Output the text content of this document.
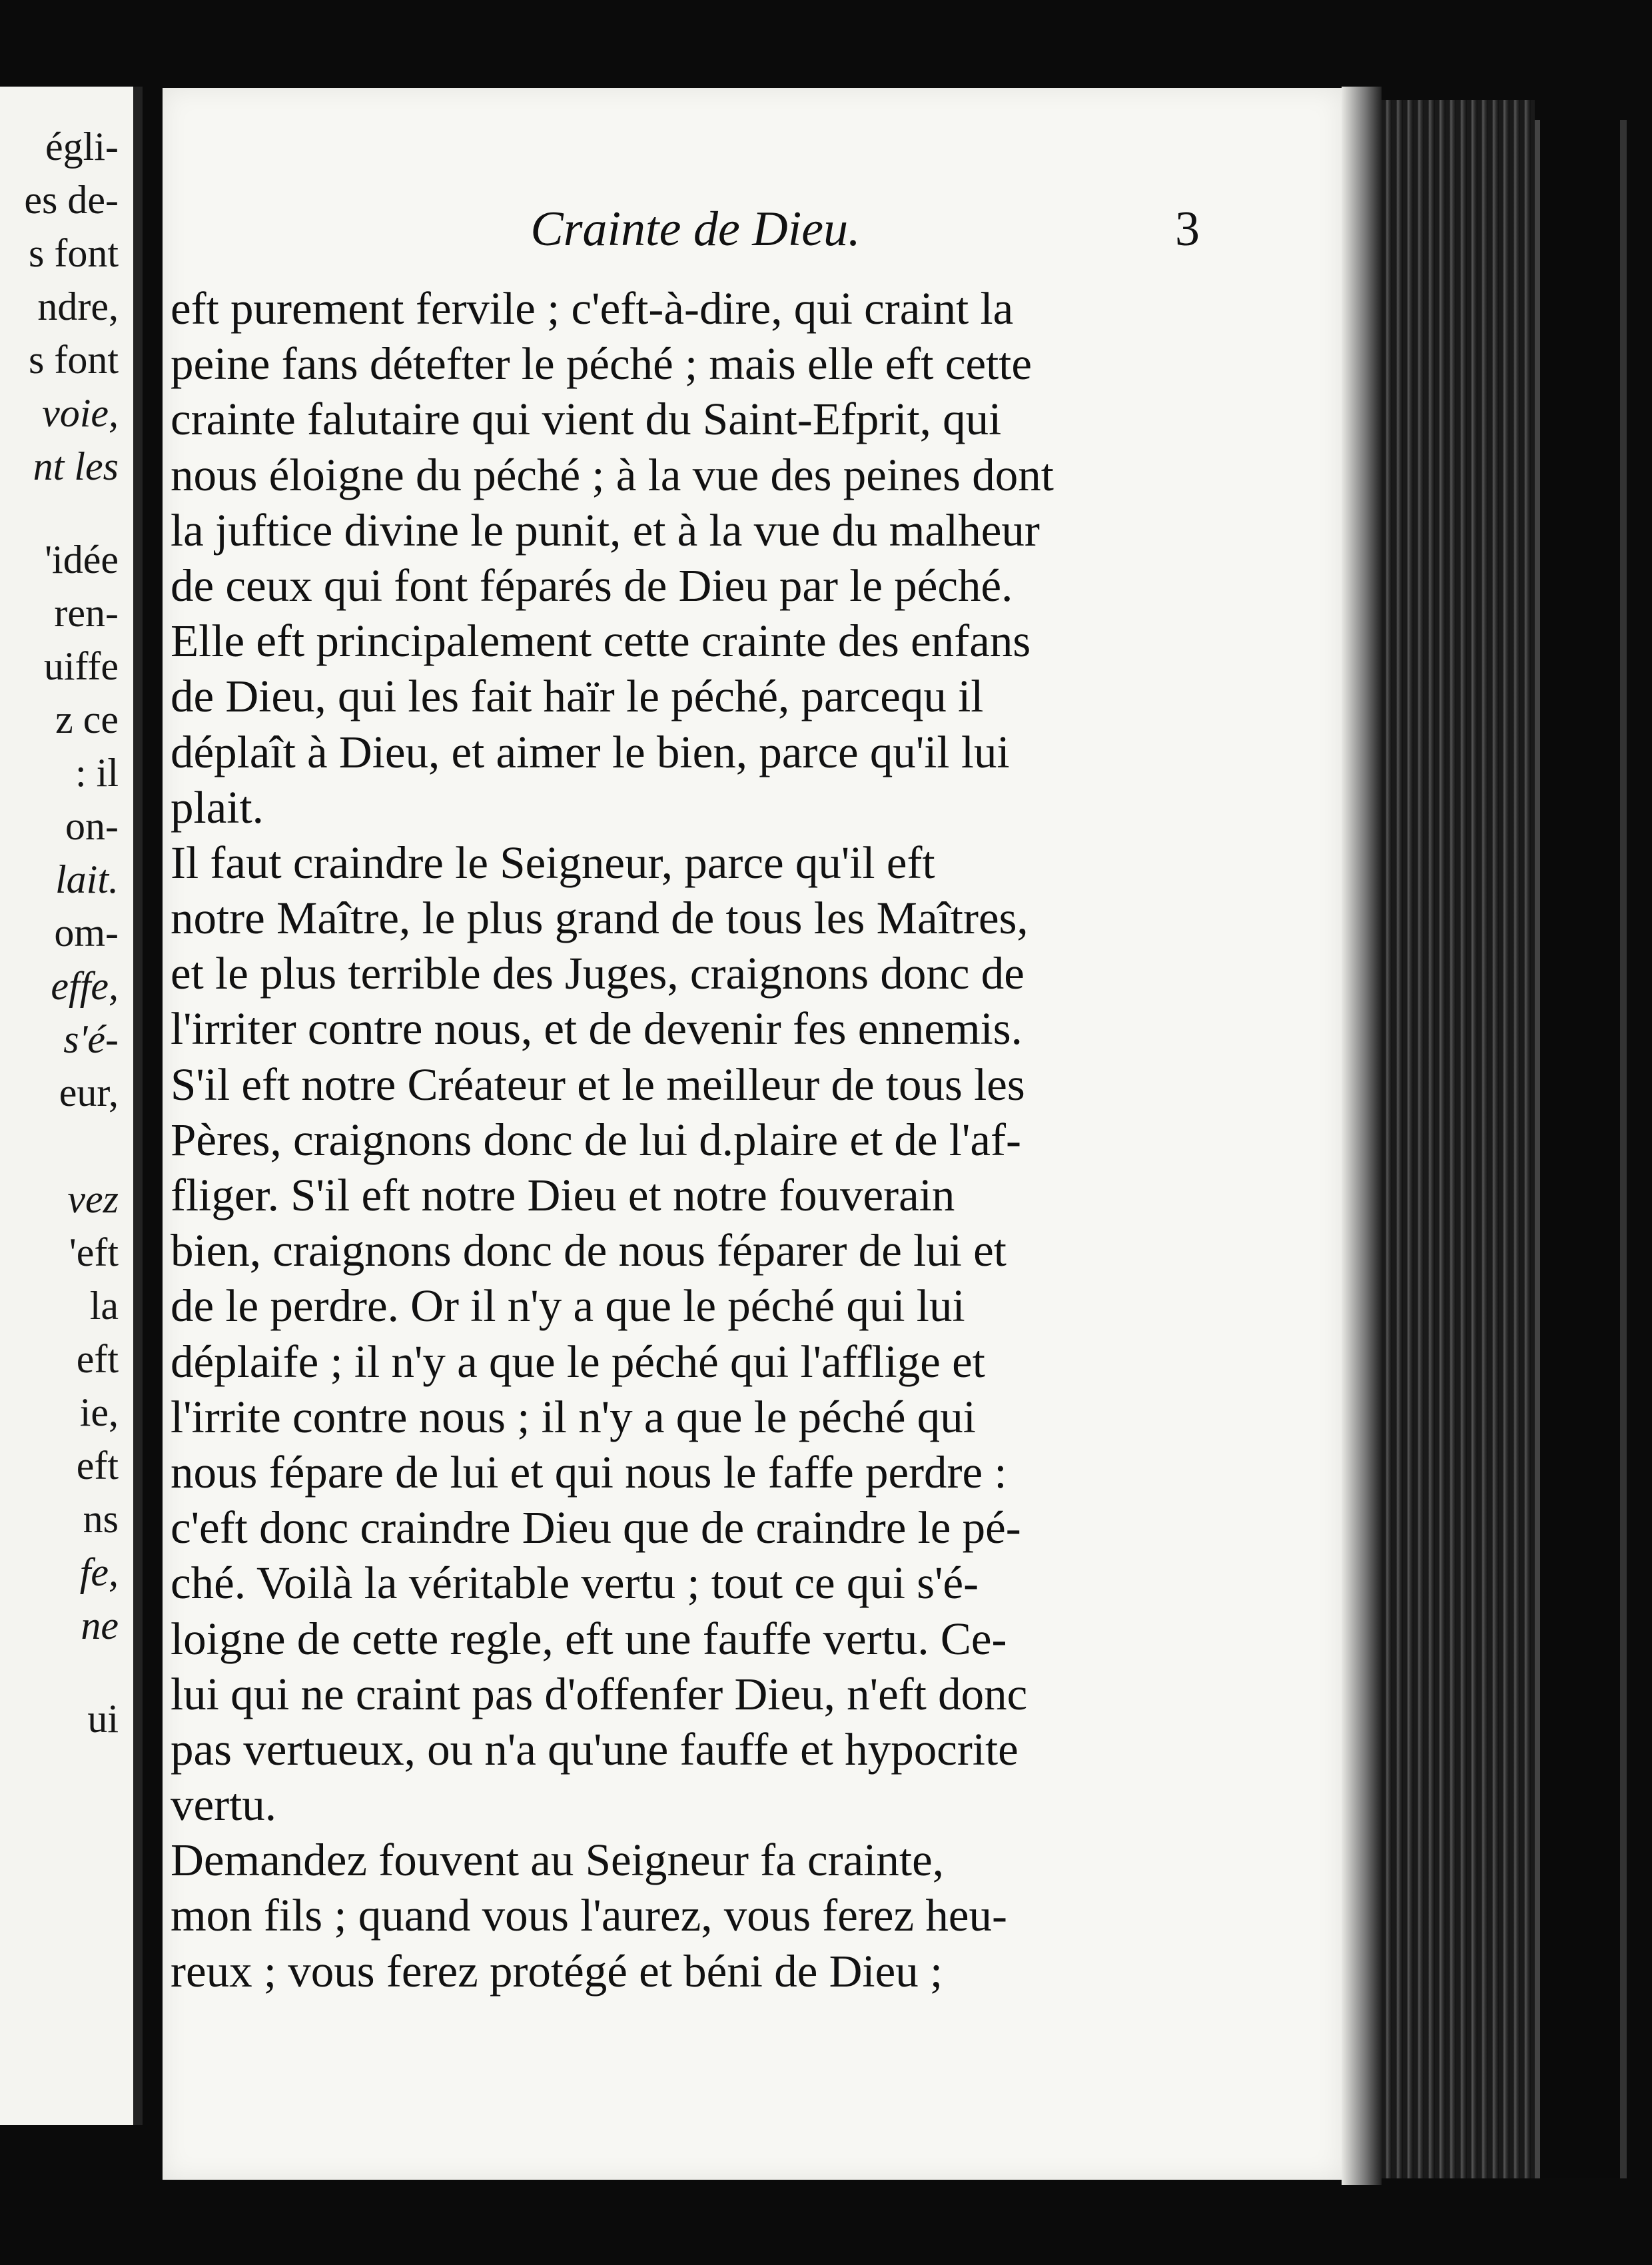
égli-
es de-
s font
ndre,
s font
voie,
nt les
'idée
ren-
uiffe
z ce
: il
on-
lait.
om-
effe,
s'é-
eur,
vez
'eft
la
eft
ie,
eft
ns
fe,
ne
ui
Crainte de Dieu.	3
eft purement fervile ; c'eft-à-dire, qui craint la
peine fans détefter le péché ; mais elle eft cette
crainte falutaire qui vient du Saint-Efprit, qui
nous éloigne du péché ; à la vue des peines dont
la juftice divine le punit, et à la vue du malheur
de ceux qui font féparés de Dieu par le péché.
Elle eft principalement cette crainte des enfans
de Dieu, qui les fait haïr le péché, parcequ il
déplaît à Dieu, et aimer le bien, parce qu'il lui
plait.
Il faut craindre le Seigneur, parce qu'il eft
notre Maître, le plus grand de tous les Maîtres,
et le plus terrible des Juges, craignons donc de
l'irriter contre nous, et de devenir fes ennemis.
S'il eft notre Créateur et le meilleur de tous les
Pères, craignons donc de lui d.plaire et de l'af-
fliger. S'il eft notre Dieu et notre fouverain
bien, craignons donc de nous féparer de lui et
de le perdre. Or il n'y a que le péché qui lui
déplaife ; il n'y a que le péché qui l'afflige et
l'irrite contre nous ; il n'y a que le péché qui
nous fépare de lui et qui nous le faffe perdre :
c'eft donc craindre Dieu que de craindre le pé-
ché. Voilà la véritable vertu ; tout ce qui s'é-
loigne de cette regle, eft une fauffe vertu. Ce-
lui qui ne craint pas d'offenfer Dieu, n'eft donc
pas vertueux, ou n'a qu'une fauffe et hypocrite
vertu.
Demandez fouvent au Seigneur fa crainte,
mon fils ; quand vous l'aurez, vous ferez heu-
reux ; vous ferez protégé et béni de Dieu ;
